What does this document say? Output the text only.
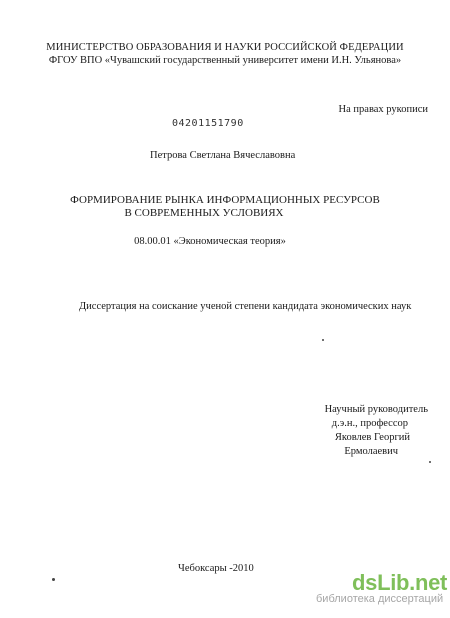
МИНИСТЕРСТВО ОБРАЗОВАНИЯ И НАУКИ РОССИЙСКОЙ ФЕДЕРАЦИИ
ФГОУ ВПО «Чувашский государственный университет имени И.Н. Ульянова»
На правах рукописи
04201151790
Петрова Светлана Вячеславовна
ФОРМИРОВАНИЕ РЫНКА ИНФОРМАЦИОННЫХ РЕСУРСОВ
В СОВРЕМЕННЫХ УСЛОВИЯХ
08.00.01 «Экономическая теория»
Диссертация на соискание ученой степени кандидата экономических наук
Научный руководитель
д.э.н., профессор
Яковлев Георгий
Ермолаевич
Чебоксары -2010
dsLib.net
библиотека диссертаций
